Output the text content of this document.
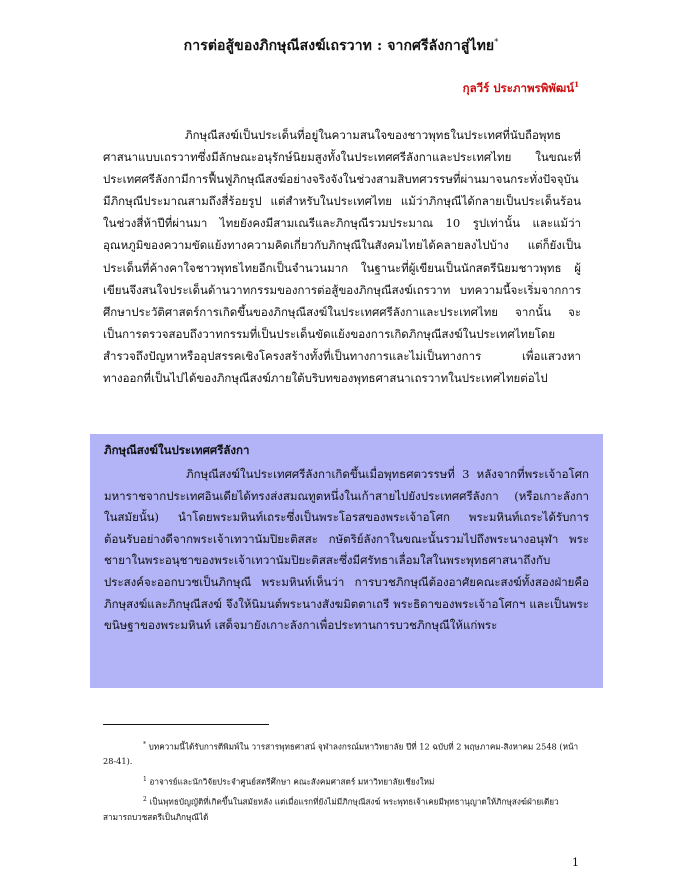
การต่อสู้ของภิกษุณีสงฆ์เถรวาท : จากศรีลังกาสู่ไทย*
กุลวีร์ ประภาพรพิพัฒน์$^1$

ภิกษุณีสงฆ์เป็นประเด็นที่อยู่ในความสนใจของชาวพุทธในประเทศที่นับถือพุทธศาสนาแบบเถรวาทซึ่งมีลักษณะอนุรักษ์นิยมสูงทั้งในประเทศศรีลังกาและประเทศไทย ในขณะที่ประเทศศรีลังกามีการฟื้นฟูภิกษุณีสงฆ์อย่างจริงจังในช่วงสามสิบทศวรรษที่ผ่านมาจนกระทั่งปัจจุบันมีภิกษุณีประมาณสามถึงสี่ร้อยรูป แต่สำหรับในประเทศไทย แม้ว่าภิกษุณีได้กลายเป็นประเด็นร้อนในช่วงสี่ห้าปีที่ผ่านมา ไทยยังคงมีสามเณรีและภิกษุณีรวมประมาณ 10 รูปเท่านั้น และแม้ว่าอุณหภูมิของความขัดแย้งทางความคิดเกี่ยวกับภิกษุณีในสังคมไทยได้คลายลงไปบ้าง แต่ก็ยังเป็นประเด็นที่ค้างคาใจชาวพุทธไทยอีกเป็นจำนวนมาก ในฐานะที่ผู้เขียนเป็นนักสตรีนิยมชาวพุทธ ผู้เขียนจึงสนใจประเด็นด้านวาทกรรมของการต่อสู้ของภิกษุณีสงฆ์เถรวาท บทความนี้จะเริ่มจากการศึกษาประวัติศาสตร์การเกิดขึ้นของภิกษุณีสงฆ์ในประเทศศรีลังกาและประเทศไทย จากนั้น จะเป็นการตรวจสอบถึงวาทกรรมที่เป็นประเด็นขัดแย้งของการเกิดภิกษุณีสงฆ์ในประเทศไทยโดยสำรวจถึงปัญหาหรืออุปสรรคเชิงโครงสร้างทั้งที่เป็นทางการและไม่เป็นทางการ เพื่อแสวงหาทางออกที่เป็นไปได้ของภิกษุณีสงฆ์ภายใต้บริบทของพุทธศาสนาเถรวาทในประเทศไทยต่อไป

ภิกษุณีสงฆ์ในประเทศศรีลังกา

ภิกษุณีสงฆ์ในประเทศศรีลังกาเกิดขึ้นเมื่อพุทธศตวรรษที่ 3 หลังจากที่พระเจ้าอโศกมหาราชจากประเทศอินเดียได้ทรงส่งสมณทูตหนึ่งในเก้าสายไปยังประเทศศรีลังกา (หรือเกาะลังกาในสมัยนั้น) นำโดยพระมหินท์เถระซึ่งเป็นพระโอรสของพระเจ้าอโศก พระมหินท์เถระได้รับการต้อนรับอย่างดีจากพระเจ้าเทวานัมปิยะติสสะ กษัตริย์ลังกาในขณะนั้นรวมไปถึงพระนางอนุฬา พระชายาในพระอนุชาของพระเจ้าเทวานัมปิยะติสสะซึ่งมีศรัทธาเลื่อมใสในพระพุทธศาสนาถึงกับประสงค์จะออกบวชเป็นภิกษุณี พระมหินท์เห็นว่า การบวชภิกษุณีต้องอาศัยคณะสงฆ์ทั้งสองฝ่ายคือ ภิกษุสงฆ์และภิกษุณีสงฆ์ จึงให้นิมนต์พระนางสังฆมิตตาเถรี พระธิดาของพระเจ้าอโศกฯ และเป็นพระขนิษฐาของพระมหินท์ เสด็จมายังเกาะลังกาเพื่อประทานการบวชภิกษุณีให้แก่พระ

* บทความนี้ได้รับการตีพิมพ์ใน วารสารพุทธศาสน์ จุฬาลงกรณ์มหาวิทยาลัย ปีที่ 12 ฉบับที่ 2 พฤษภาคม-สิงหาคม 2548 (หน้า 28-41).

$^1$ อาจารย์และนักวิจัยประจำศูนย์สตรีศึกษา คณะสังคมศาสตร์ มหาวิทยาลัยเชียงใหม่

$^2$ เป็นพุทธบัญญัติที่เกิดขึ้นในสมัยหลัง แต่เมื่อแรกที่ยังไม่มีภิกษุณีสงฆ์ พระพุทธเจ้าเคยมีพุทธานุญาตให้ภิกษุสงฆ์ฝ่ายเดียวสามารถบวชสตรีเป็นภิกษุณีได้

1
